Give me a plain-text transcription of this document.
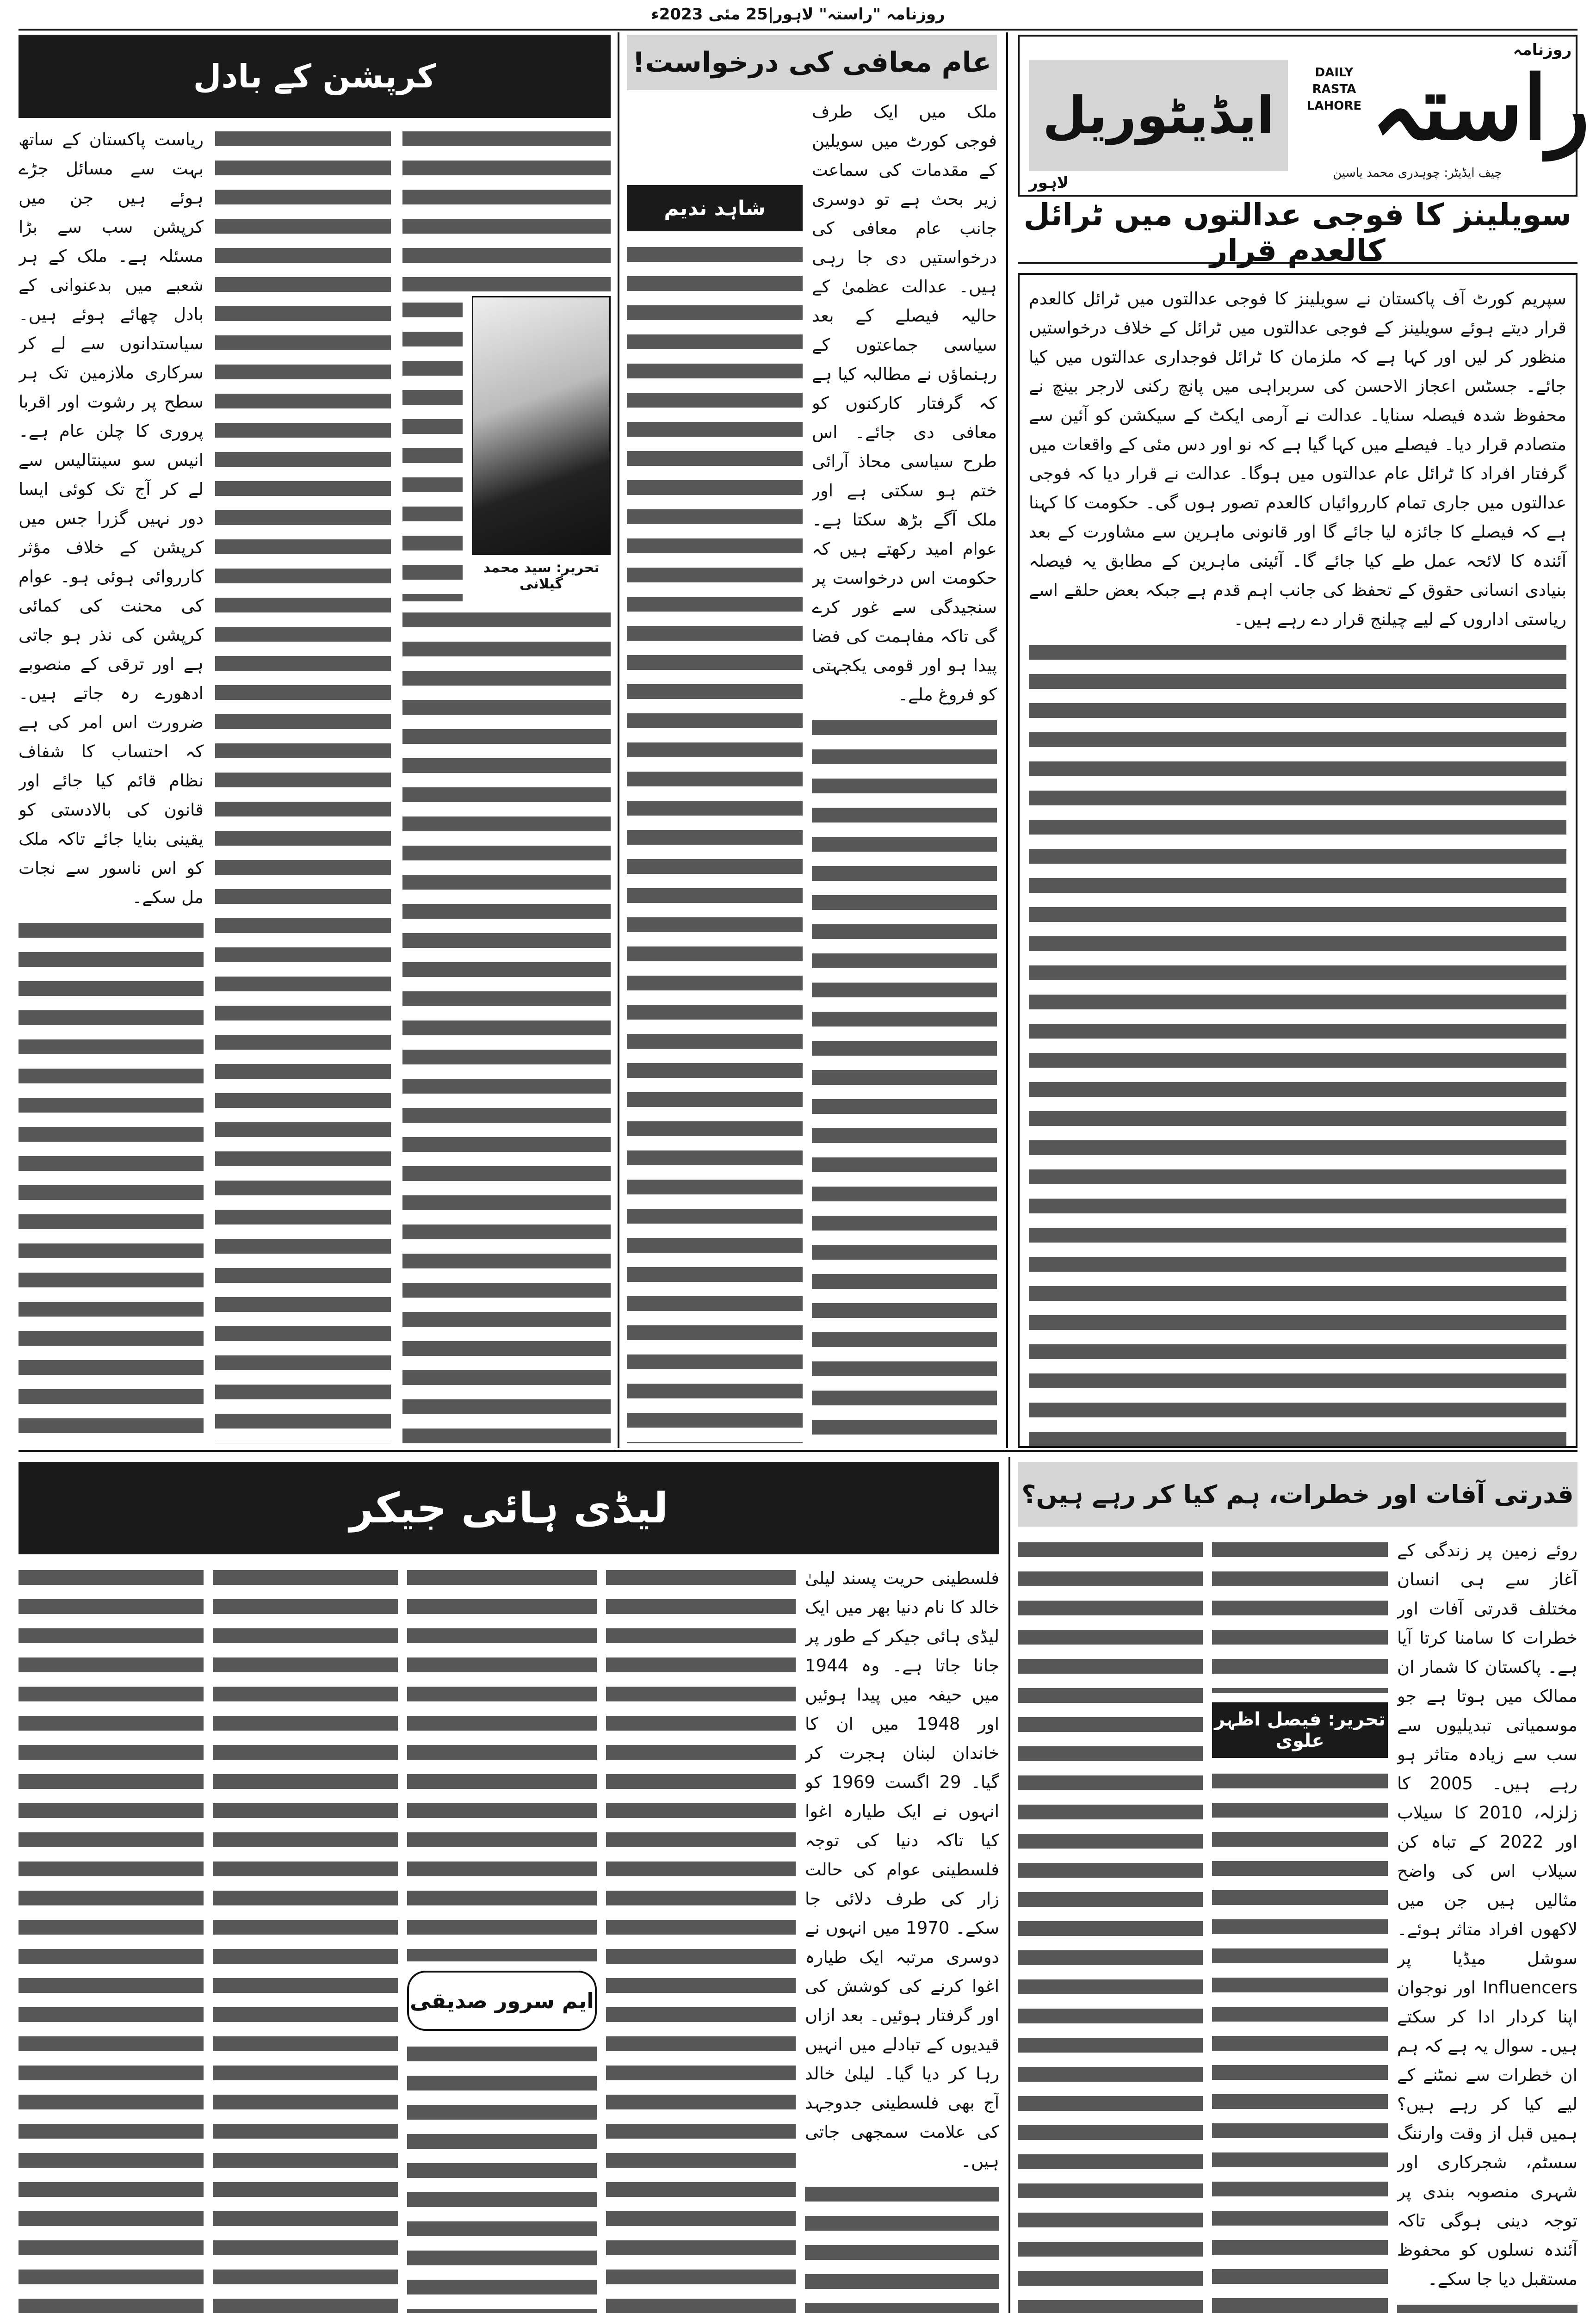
روزنامہ "راستہ" لاہور|25 مئی 2023ء
راستہ
روزنامہ
DAILY RASTA LAHORE
چیف ایڈیٹر: چوہدری محمد یاسین
ایڈیٹوریل
لاہور
سویلینز کا فوجی عدالتوں میں ٹرائل کالعدم قرار
سپریم کورٹ آف پاکستان نے سویلینز کا فوجی عدالتوں میں ٹرائل کالعدم قرار دیتے ہوئے سویلینز کے فوجی عدالتوں میں ٹرائل کے خلاف درخواستیں منظور کر لیں اور کہا ہے کہ ملزمان کا ٹرائل فوجداری عدالتوں میں کیا جائے۔ جسٹس اعجاز الاحسن کی سربراہی میں پانچ رکنی لارجر بینچ نے محفوظ شدہ فیصلہ سنایا۔ عدالت نے آرمی ایکٹ کے سیکشن کو آئین سے متصادم قرار دیا۔ فیصلے میں کہا گیا ہے کہ نو اور دس مئی کے واقعات میں گرفتار افراد کا ٹرائل عام عدالتوں میں ہوگا۔ عدالت نے قرار دیا کہ فوجی عدالتوں میں جاری تمام کارروائیاں کالعدم تصور ہوں گی۔ حکومت کا کہنا ہے کہ فیصلے کا جائزہ لیا جائے گا اور قانونی ماہرین سے مشاورت کے بعد آئندہ کا لائحہ عمل طے کیا جائے گا۔ آئینی ماہرین کے مطابق یہ فیصلہ بنیادی انسانی حقوق کے تحفظ کی جانب اہم قدم ہے جبکہ بعض حلقے اسے ریاستی اداروں کے لیے چیلنج قرار دے رہے ہیں۔
عام معافی کی درخواست!
ملک میں ایک طرف فوجی کورٹ میں سویلین کے مقدمات کی سماعت زیر بحث ہے تو دوسری جانب عام معافی کی درخواستیں دی جا رہی ہیں۔ عدالت عظمیٰ کے حالیہ فیصلے کے بعد سیاسی جماعتوں کے رہنماؤں نے مطالبہ کیا ہے کہ گرفتار کارکنوں کو معافی دی جائے۔ اس طرح سیاسی محاذ آرائی ختم ہو سکتی ہے اور ملک آگے بڑھ سکتا ہے۔ عوام امید رکھتے ہیں کہ حکومت اس درخواست پر سنجیدگی سے غور کرے گی تاکہ مفاہمت کی فضا پیدا ہو اور قومی یکجہتی کو فروغ ملے۔
شاہد ندیم
کرپشن کے بادل
ریاست پاکستان کے ساتھ بہت سے مسائل جڑے ہوئے ہیں جن میں کرپشن سب سے بڑا مسئلہ ہے۔ ملک کے ہر شعبے میں بدعنوانی کے بادل چھائے ہوئے ہیں۔ سیاستدانوں سے لے کر سرکاری ملازمین تک ہر سطح پر رشوت اور اقربا پروری کا چلن عام ہے۔ انیس سو سینتالیس سے لے کر آج تک کوئی ایسا دور نہیں گزرا جس میں کرپشن کے خلاف مؤثر کارروائی ہوئی ہو۔ عوام کی محنت کی کمائی کرپشن کی نذر ہو جاتی ہے اور ترقی کے منصوبے ادھورے رہ جاتے ہیں۔ ضرورت اس امر کی ہے کہ احتساب کا شفاف نظام قائم کیا جائے اور قانون کی بالادستی کو یقینی بنایا جائے تاکہ ملک کو اس ناسور سے نجات مل سکے۔
تحریر: سید محمد گیلانی
قدرتی آفات اور خطرات، ہم کیا کر رہے ہیں؟
روئے زمین پر زندگی کے آغاز سے ہی انسان مختلف قدرتی آفات اور خطرات کا سامنا کرتا آیا ہے۔ پاکستان کا شمار ان ممالک میں ہوتا ہے جو موسمیاتی تبدیلیوں سے سب سے زیادہ متاثر ہو رہے ہیں۔ 2005 کا زلزلہ، 2010 کا سیلاب اور 2022 کے تباہ کن سیلاب اس کی واضح مثالیں ہیں جن میں لاکھوں افراد متاثر ہوئے۔ سوشل میڈیا پر Influencers اور نوجوان اپنا کردار ادا کر سکتے ہیں۔ سوال یہ ہے کہ ہم ان خطرات سے نمٹنے کے لیے کیا کر رہے ہیں؟ ہمیں قبل از وقت وارننگ سسٹم، شجرکاری اور شہری منصوبہ بندی پر توجہ دینی ہوگی تاکہ آئندہ نسلوں کو محفوظ مستقبل دیا جا سکے۔
تحریر: فیصل اظہر علوی
لیڈی ہائی جیکر
فلسطینی حریت پسند لیلیٰ خالد کا نام دنیا بھر میں ایک لیڈی ہائی جیکر کے طور پر جانا جاتا ہے۔ وہ 1944 میں حیفہ میں پیدا ہوئیں اور 1948 میں ان کا خاندان لبنان ہجرت کر گیا۔ 29 اگست 1969 کو انہوں نے ایک طیارہ اغوا کیا تاکہ دنیا کی توجہ فلسطینی عوام کی حالت زار کی طرف دلائی جا سکے۔ 1970 میں انہوں نے دوسری مرتبہ ایک طیارہ اغوا کرنے کی کوشش کی اور گرفتار ہوئیں۔ بعد ازاں قیدیوں کے تبادلے میں انہیں رہا کر دیا گیا۔ لیلیٰ خالد آج بھی فلسطینی جدوجہد کی علامت سمجھی جاتی ہیں۔
ایم سرور صدیقی
